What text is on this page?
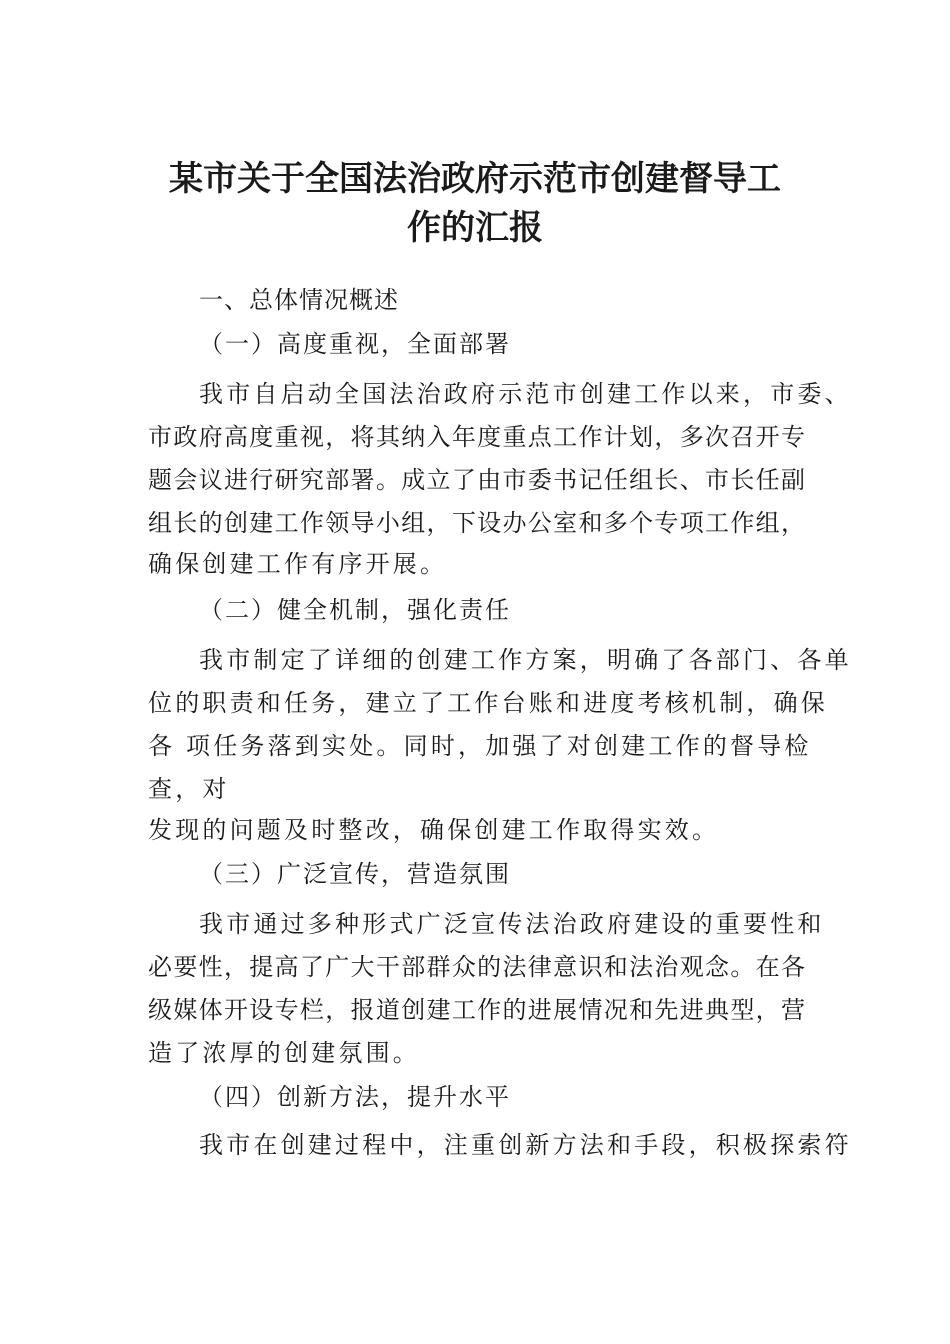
某市关于全国法治政府示范市创建督导工
作的汇报

一、总体情况概述

（一）高度重视，全面部署

我市自启动全国法治政府示范市创建工作以来，市委、

市政府高度重视，将其纳入年度重点工作计划，多次召开专

题会议进行研究部署。成立了由市委书记任组长、市长任副

组长的创建工作领导小组，下设办公室和多个专项工作组，

确保创建工作有序开展。

（二）健全机制，强化责任

我市制定了详细的创建工作方案，明确了各部门、各单

位的职责和任务，建立了工作台账和进度考核机制，确保

各 项任务落到实处。同时，加强了对创建工作的督导检

查，对

发现的问题及时整改，确保创建工作取得实效。

（三）广泛宣传，营造氛围

我市通过多种形式广泛宣传法治政府建设的重要性和

必要性，提高了广大干部群众的法律意识和法治观念。在各

级媒体开设专栏，报道创建工作的进展情况和先进典型，营

造了浓厚的创建氛围。

（四）创新方法，提升水平

我市在创建过程中，注重创新方法和手段，积极探索符
